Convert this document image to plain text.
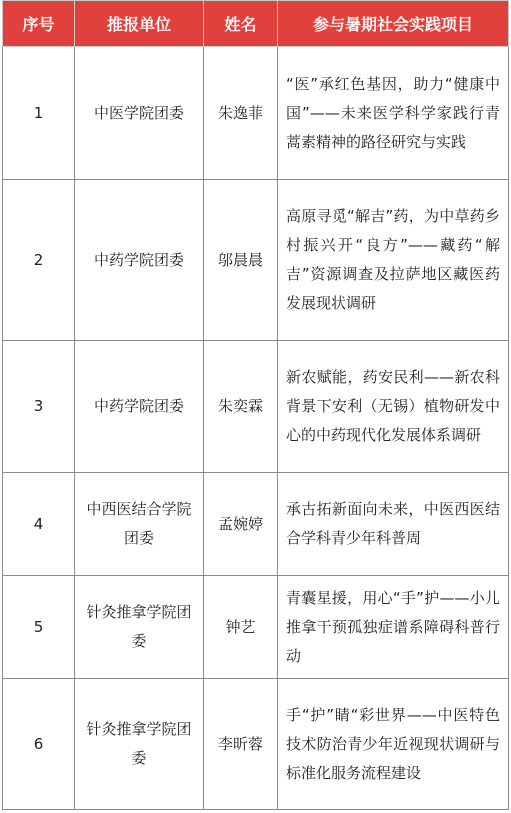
序号	推报单位	姓名	参与暑期社会实践项目
1	中医学院团委	朱逸菲	“医”承红色基因，助力“健康中国”——未来医学科学家践行青蒿素精神的路径研究与实践
2	中药学院团委	邬晨晨	高原寻觅“解吉”药，为中草药乡村振兴开“良方”——藏药“解吉”资源调查及拉萨地区藏医药发展现状调研
3	中药学院团委	朱奕霖	新农赋能，药安民利——新农科背景下安利（无锡）植物研发中心的中药现代化发展体系调研
4	中西医结合学院团委	孟婉婷	承古拓新面向未来，中医西医结合学科青少年科普周
5	针灸推拿学院团委	钟艺	青囊星援，用心“手”护——小儿推拿干预孤独症谱系障碍科普行动
6	针灸推拿学院团委	李昕蓉	手“护”睛“彩世界——中医特色技术防治青少年近视现状调研与标准化服务流程建设
